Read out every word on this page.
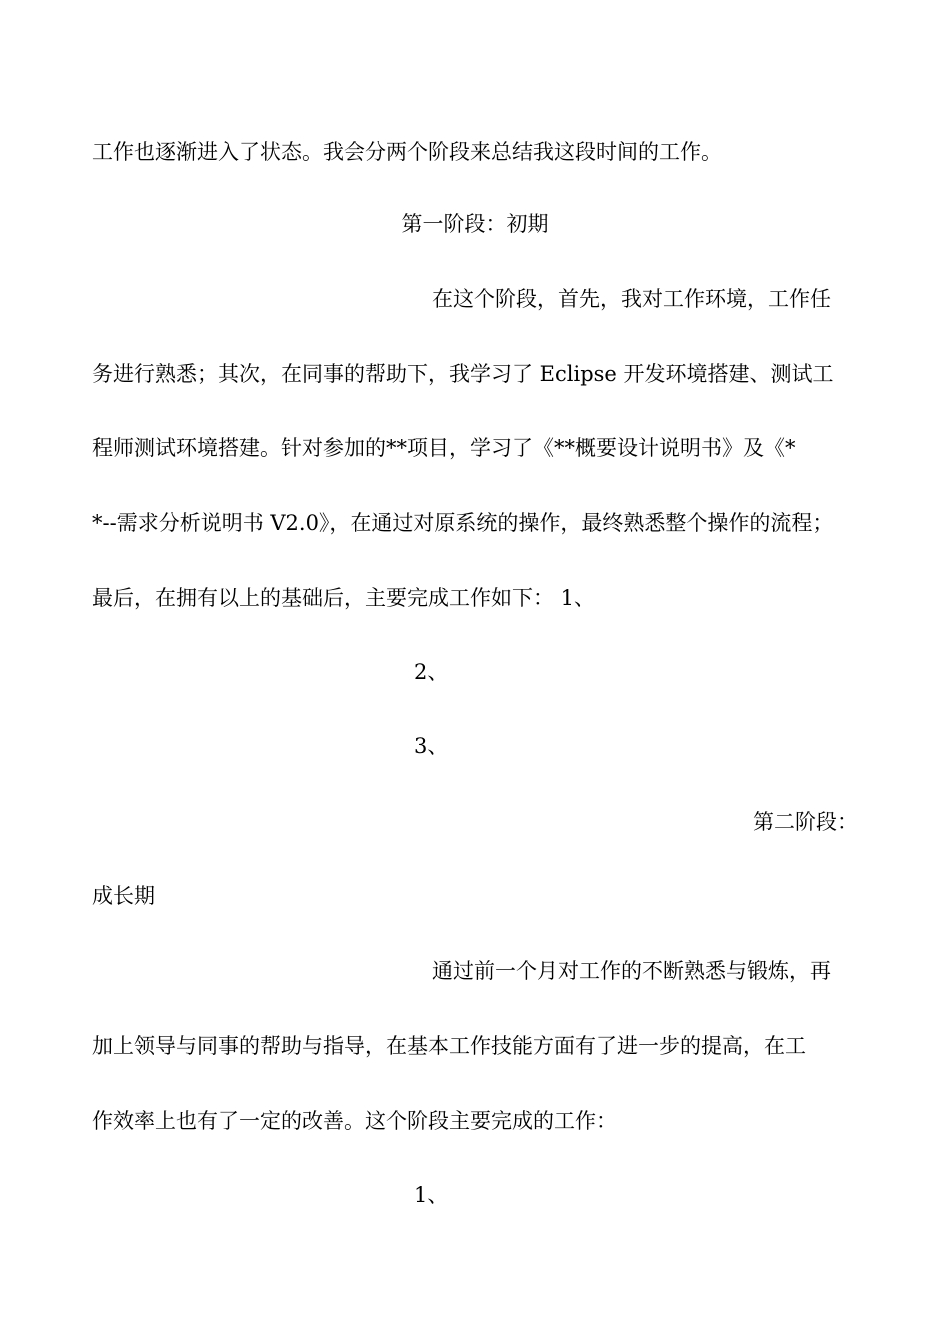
工作也逐渐进入了状态。我会分两个阶段来总结我这段时间的工作。
第一阶段：初期
在这个阶段，首先，我对工作环境，工作任
务进行熟悉；其次，在同事的帮助下，我学习了 Eclipse 开发环境搭建、测试工
程师测试环境搭建。针对参加的**项目，学习了《**概要设计说明书》及《*
*--需求分析说明书 V2.0》，在通过对原系统的操作，最终熟悉整个操作的流程；
最后，在拥有以上的基础后，主要完成工作如下： 1、
2、
3、
第二阶段：
成长期
通过前一个月对工作的不断熟悉与锻炼，再
加上领导与同事的帮助与指导，在基本工作技能方面有了进一步的提高，在工
作效率上也有了一定的改善。这个阶段主要完成的工作：
1、
